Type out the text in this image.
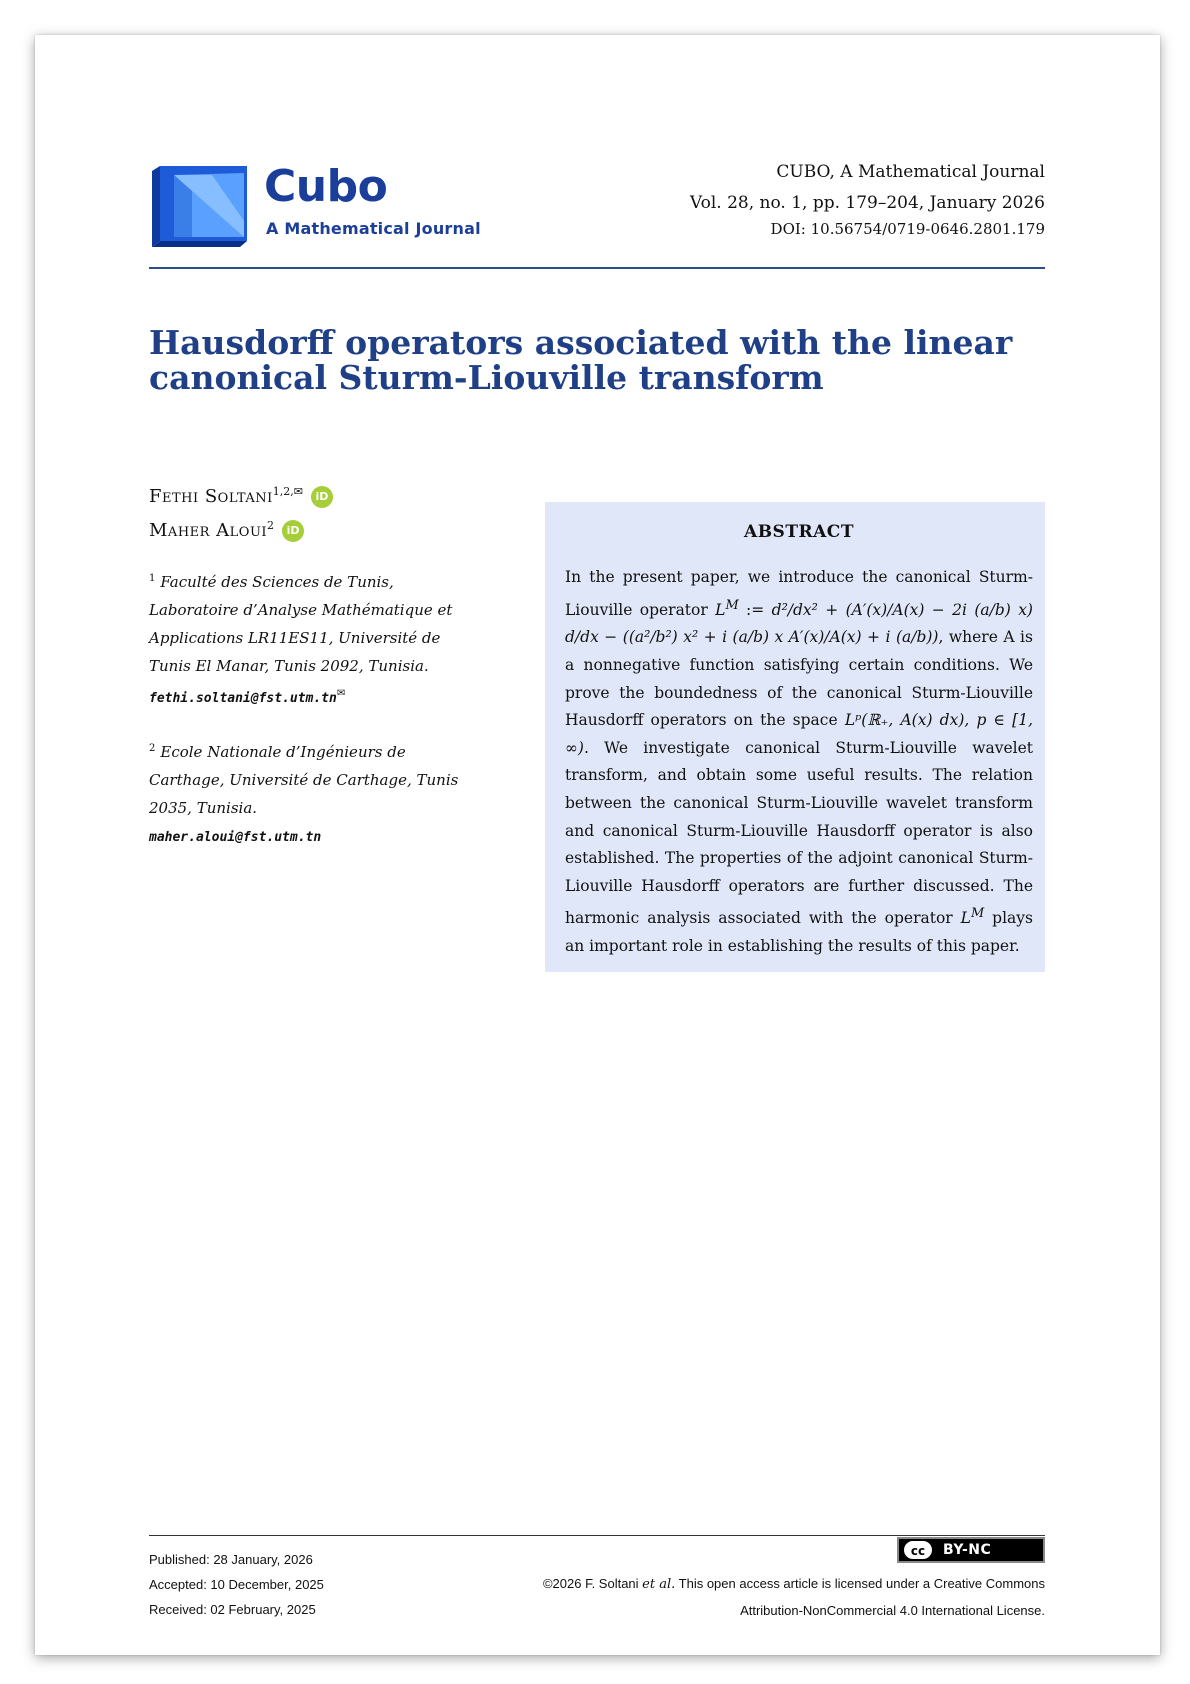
Cubo
A Mathematical Journal
CUBO, A Mathematical Journal
Vol. 28, no. 1, pp. 179–204, January 2026
DOI: 10.56754/0719-0646.2801.179
Hausdorff operators associated with the linear
canonical Sturm-Liouville transform
Fethi Soltani$^{1,2,✉}$ iD
Maher Aloui$^2$ iD
$^1$ Faculté des Sciences de Tunis, Laboratoire d’Analyse Mathématique et Applications LR11ES11, Université de Tunis El Manar, Tunis 2092, Tunisia.
fethi.soltani@fst.utm.tn✉
$^2$ Ecole Nationale d’Ingénieurs de Carthage, Université de Carthage, Tunis 2035, Tunisia.
maher.aloui@fst.utm.tn
ABSTRACT
In the present paper, we introduce the canonical Sturm-Liouville operator $L^M$ := d²/dx² + (A′(x)/A(x) − 2i (a/b) x) d/dx − ((a²/b²) x² + i (a/b) x A′(x)/A(x) + i (a/b)), where A is a nonnegative function satisfying certain conditions. We prove the boundedness of the canonical Sturm-Liouville Hausdorff operators on the space Lᵖ(ℝ₊, A(x) dx), p ∈ [1, ∞). We investigate canonical Sturm-Liouville wavelet transform, and obtain some useful results. The relation between the canonical Sturm-Liouville wavelet transform and canonical Sturm-Liouville Hausdorff operator is also established. The properties of the adjoint canonical Sturm-Liouville Hausdorff operators are further discussed. The harmonic analysis associated with the operator $L^M$ plays an important role in establishing the results of this paper.
Published: 28 January, 2026
Accepted: 10 December, 2025
Received: 02 February, 2025
cc	BY-NC
©2026 F. Soltani et al. This open access article is licensed under a Creative Commons
Attribution-NonCommercial 4.0 International License.
